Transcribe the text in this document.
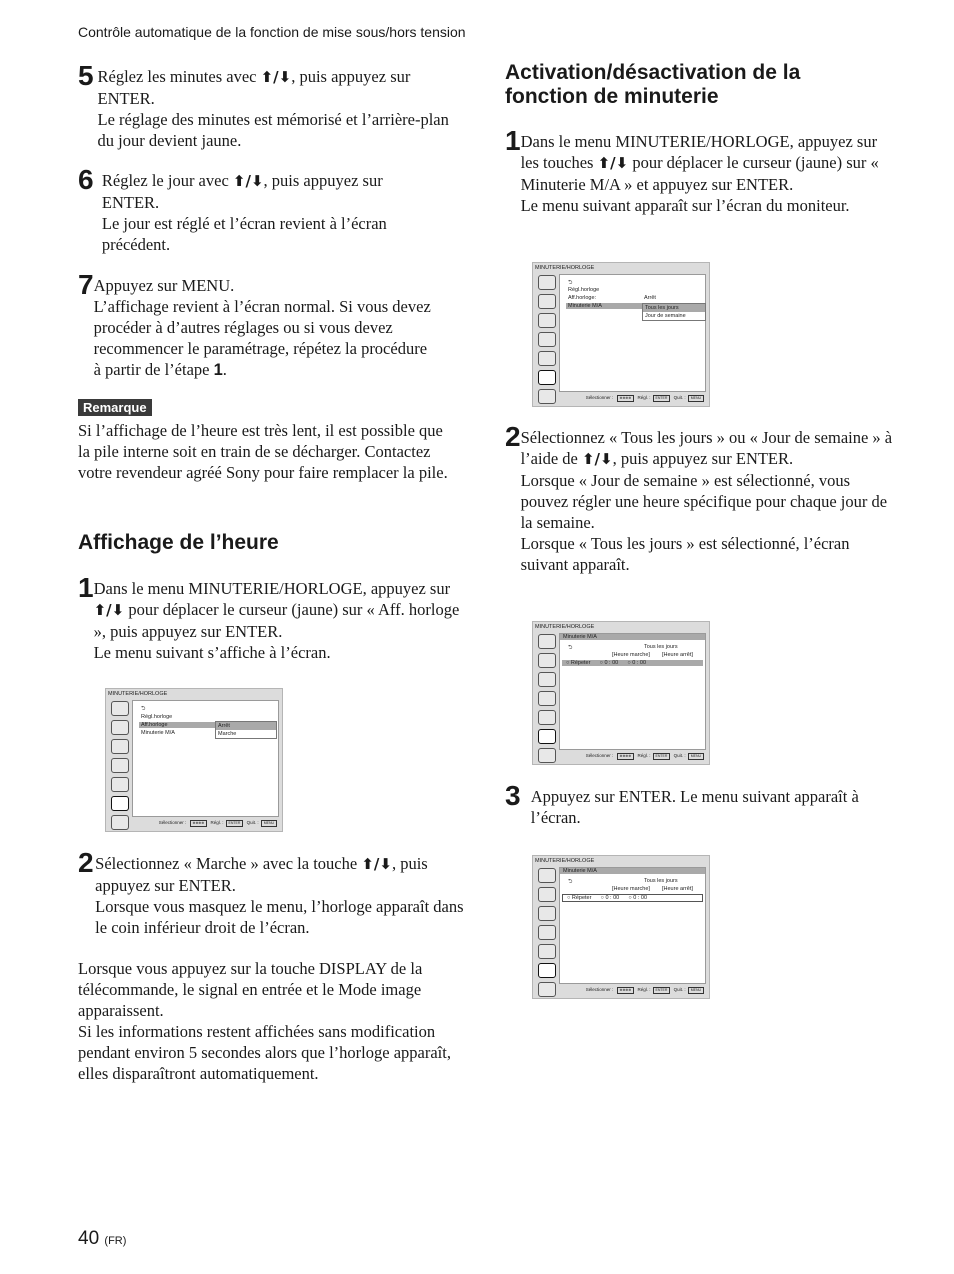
Contrôle automatique de la fonction de mise sous/hors tension
5 Réglez les minutes avec ⬆/⬇, puis appuyez sur ENTER.

Le réglage des minutes est mémorisé et l’arrière-plan du jour devient jaune.

6 Réglez le jour avec ⬆/⬇, puis appuyez sur ENTER.

Le jour est réglé et l’écran revient à l’écran précédent.

7 Appuyez sur MENU.

L’affichage revient à l’écran normal. Si vous devez procéder à d’autres réglages ou si vous devez recommencer le paramétrage, répétez la procédure à partir de l’étape 1.

Remarque
Si l’affichage de l’heure est très lent, il est possible que la pile interne soit en train de se décharger. Contactez votre revendeur agréé Sony pour faire remplacer la pile.
Affichage de l’heure
1 Dans le menu MINUTERIE/HORLOGE, appuyez sur ⬆/⬇ pour déplacer le curseur (jaune) sur « Aff. horloge », puis appuyez sur ENTER.

Le menu suivant s’affiche à l’écran.

MINUTERIE/HORLOGE
⮌
Régl.horloge
Aff.horloge
Minuterie M/A
Arrêt
Marche
Sélectionner : ⊕⊕⊕⊕ Régl. : ENTER Quit. : MENU
2 Sélectionnez « Marche » avec la touche ⬆/⬇, puis appuyez sur ENTER.

Lorsque vous masquez le menu, l’horloge apparaît dans le coin inférieur droit de l’écran.

Lorsque vous appuyez sur la touche DISPLAY de la télécommande, le signal en entrée et le Mode image apparaissent.

Si les informations restent affichées sans modification pendant environ 5 secondes alors que l’horloge apparaît, elles disparaîtront automatiquement.

Activation/désactivation de la fonction de minuterie
1 Dans le menu MINUTERIE/HORLOGE, appuyez sur les touches ⬆/⬇ pour déplacer le curseur (jaune) sur « Minuterie M/A » et appuyez sur ENTER.

Le menu suivant apparaît sur l’écran du moniteur.

MINUTERIE/HORLOGE
⮌
Régl.horloge
Aff.horloge:	Arrêt
Minuterie M/A	Tous les jours
Jour de semaine
Sélectionner : ⊕⊕⊕⊕ Régl. : ENTER Quit. : MENU
2 Sélectionnez « Tous les jours » ou « Jour de semaine » à l’aide de ⬆/⬇, puis appuyez sur ENTER.

Lorsque « Jour de semaine » est sélectionné, vous pouvez régler une heure spécifique pour chaque jour de la semaine.

Lorsque « Tous les jours » est sélectionné, l’écran suivant apparaît.

MINUTERIE/HORLOGE
Minuterie M/A
⮌	Tous les jours
[Heure marche] [Heure arrêt]
○ Répeter      ○ 0 : 00      ○ 0 : 00
Sélectionner : ⊕⊕⊕⊕ Régl. : ENTER Quit. : MENU
3 Appuyez sur ENTER. Le menu suivant apparaît à l’écran.

MINUTERIE/HORLOGE
Minuterie M/A
⮌	Tous les jours
[Heure marche] [Heure arrêt]
○ Répeter      ○ 0 : 00      ○ 0 : 00
Sélectionner : ⊕⊕⊕⊕ Régl. : ENTER Quit. : MENU
40 (FR)
